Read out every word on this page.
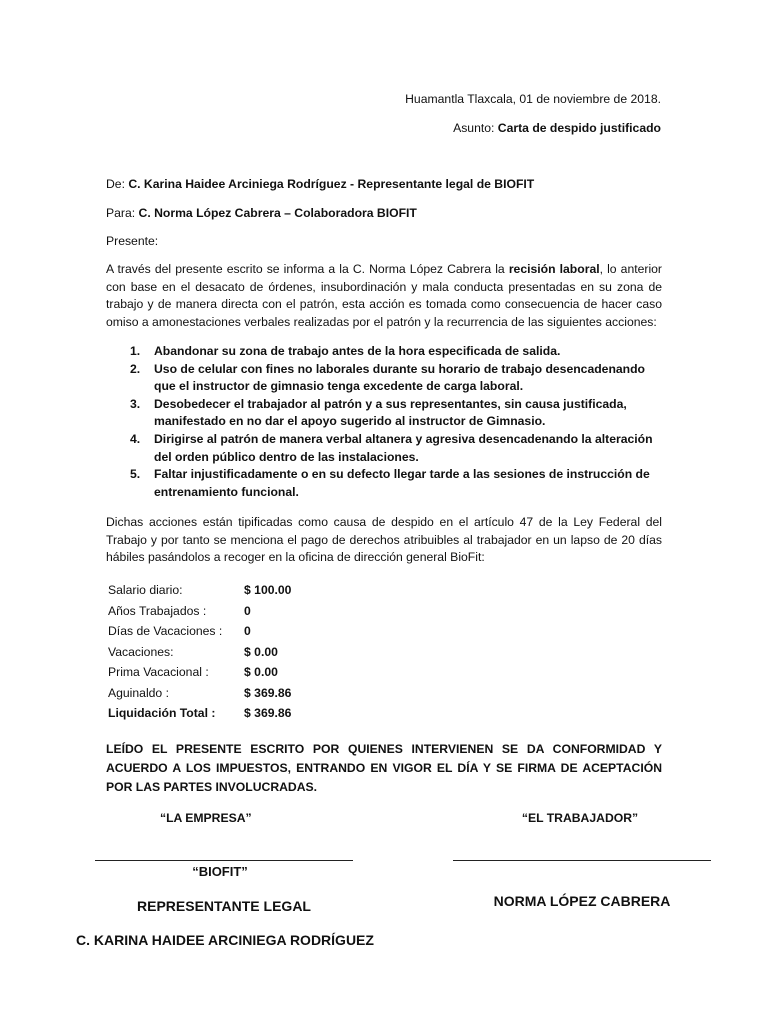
Huamantla Tlaxcala, 01 de noviembre de 2018.
Asunto: Carta de despido justificado
De: C. Karina Haidee Arciniega Rodríguez - Representante legal de BIOFIT
Para: C. Norma López Cabrera – Colaboradora BIOFIT
Presente:
A través del presente escrito se informa a la C. Norma López Cabrera la recisión laboral, lo anterior con base en el desacato de órdenes, insubordinación y mala conducta presentadas en su zona de trabajo y de manera directa con el patrón, esta acción es tomada como consecuencia de hacer caso omiso a amonestaciones verbales realizadas por el patrón y la recurrencia de las siguientes acciones:
1. Abandonar su zona de trabajo antes de la hora especificada de salida.
2. Uso de celular con fines no laborales durante su horario de trabajo desencadenando que el instructor de gimnasio tenga excedente de carga laboral.
3. Desobedecer el trabajador al patrón y a sus representantes, sin causa justificada, manifestado en no dar el apoyo sugerido al instructor de Gimnasio.
4. Dirigirse al patrón de manera verbal altanera y agresiva desencadenando la alteración del orden público dentro de las instalaciones.
5. Faltar injustificadamente o en su defecto llegar tarde a las sesiones de instrucción de entrenamiento funcional.
Dichas acciones están tipificadas como causa de despido en el artículo 47 de la Ley Federal del Trabajo y por tanto se menciona el pago de derechos atribuibles al trabajador en un lapso de 20 días hábiles pasándolos a recoger en la oficina de dirección general BioFit:
Salario diario:	$ 100.00
Años Trabajados :	0
Días de Vacaciones :	0
Vacaciones:	$ 0.00
Prima Vacacional :	$ 0.00
Aguinaldo :	$ 369.86
Liquidación Total :	$ 369.86
LEÍDO EL PRESENTE ESCRITO POR QUIENES INTERVIENEN SE DA CONFORMIDAD Y ACUERDO A LOS IMPUESTOS, ENTRANDO EN VIGOR EL DÍA Y SE FIRMA DE ACEPTACIÓN POR LAS PARTES INVOLUCRADAS.
“LA EMPRESA”	“EL TRABAJADOR”
“BIOFIT”
REPRESENTANTE LEGAL
C. KARINA HAIDEE ARCINIEGA RODRÍGUEZ
NORMA LÓPEZ CABRERA
